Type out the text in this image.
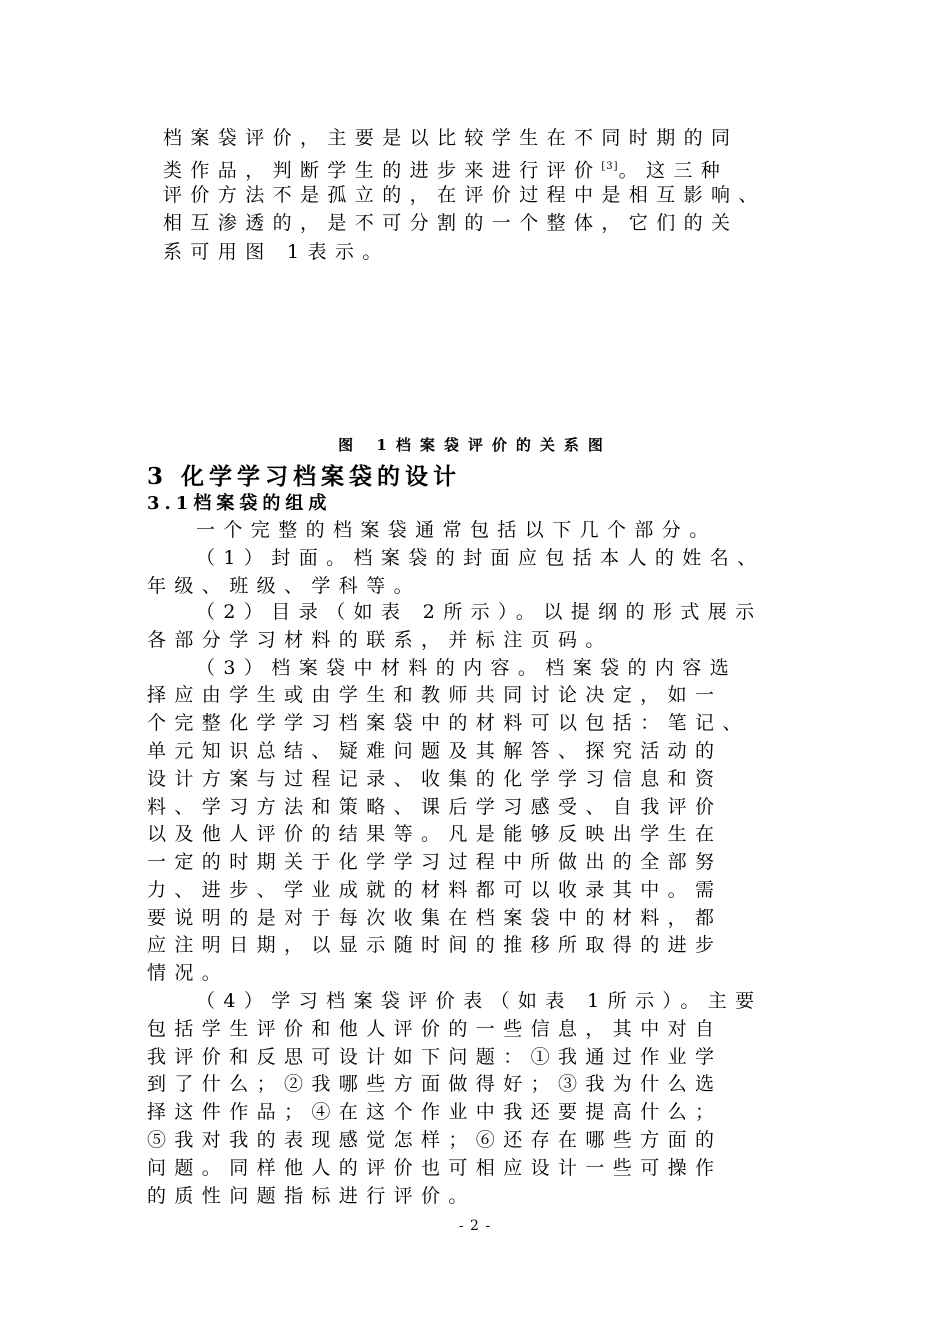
档案袋评价，主要是以比较学生在不同时期的同
类作品，判断学生的进步来进行评价[3]。这三种
评价方法不是孤立的，在评价过程中是相互影响、
相互渗透的，是不可分割的一个整体，它们的关
系可用图 1表示。
图 1档案袋评价的关系图
3 化学学习档案袋的设计
3.1档案袋的组成
一个完整的档案袋通常包括以下几个部分。
（1）封面。档案袋的封面应包括本人的姓名、
年级、班级、学科等。
（2）目录（如表 2所示）。以提纲的形式展示
各部分学习材料的联系，并标注页码。
（3）档案袋中材料的内容。档案袋的内容选
择应由学生或由学生和教师共同讨论决定，如一
个完整化学学习档案袋中的材料可以包括：笔记、
单元知识总结、疑难问题及其解答、探究活动的
设计方案与过程记录、收集的化学学习信息和资
料、学习方法和策略、课后学习感受、自我评价
以及他人评价的结果等。凡是能够反映出学生在
一定的时期关于化学学习过程中所做出的全部努
力、进步、学业成就的材料都可以收录其中。需
要说明的是对于每次收集在档案袋中的材料，都
应注明日期，以显示随时间的推移所取得的进步
情况。
（4）学习档案袋评价表（如表 1所示）。主要
包括学生评价和他人评价的一些信息，其中对自
我评价和反思可设计如下问题：①我通过作业学
到了什么；②我哪些方面做得好；③我为什么选
择这件作品；④在这个作业中我还要提高什么；
⑤我对我的表现感觉怎样；⑥还存在哪些方面的
问题。同样他人的评价也可相应设计一些可操作
的质性问题指标进行评价。
- 2 -
